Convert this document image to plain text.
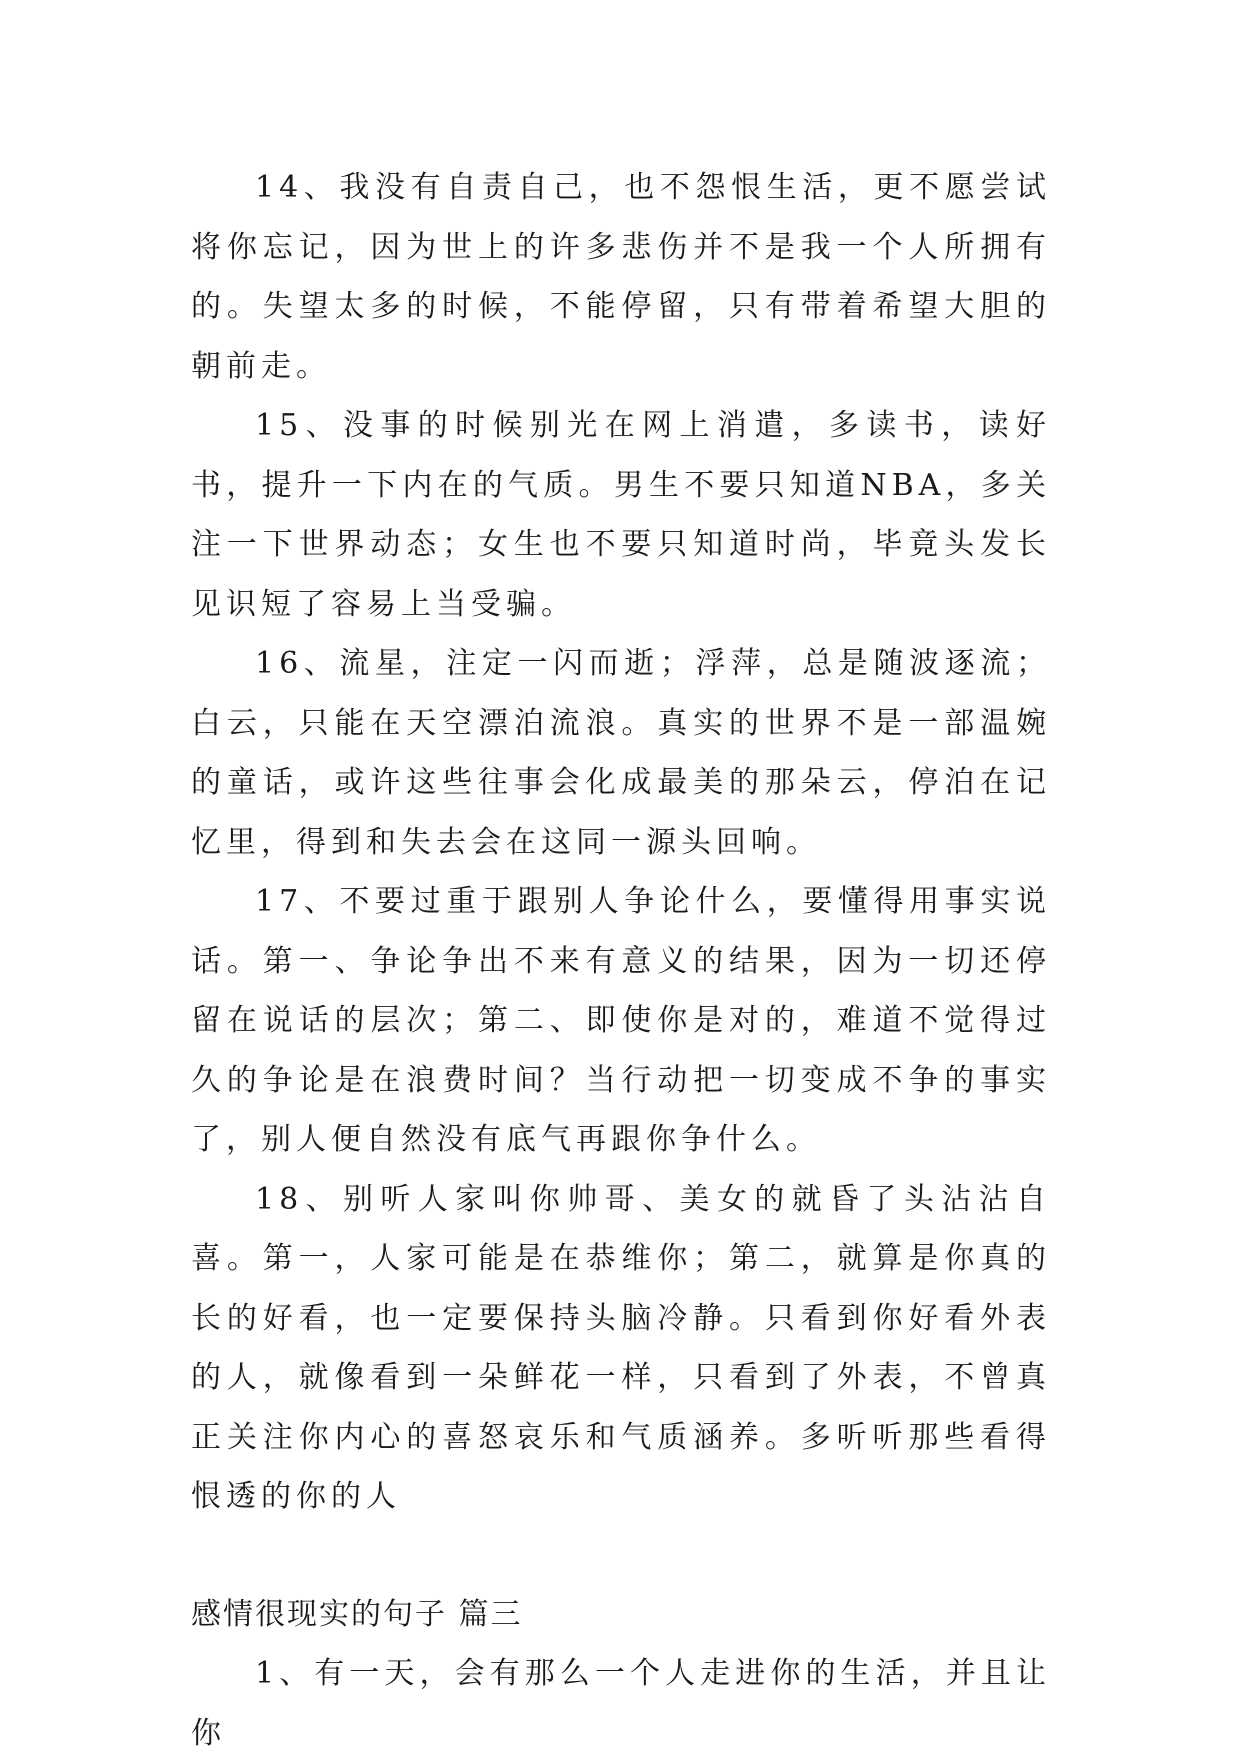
14、我没有自责自己，也不怨恨生活，更不愿尝试将你忘记，因为世上的许多悲伤并不是我一个人所拥有的。失望太多的时候，不能停留，只有带着希望大胆的朝前走。

15、没事的时候别光在网上消遣，多读书，读好书，提升一下内在的气质。男生不要只知道NBA，多关注一下世界动态；女生也不要只知道时尚，毕竟头发长见识短了容易上当受骗。

16、流星，注定一闪而逝；浮萍，总是随波逐流；白云，只能在天空漂泊流浪。真实的世界不是一部温婉的童话，或许这些往事会化成最美的那朵云，停泊在记忆里，得到和失去会在这同一源头回响。

17、不要过重于跟别人争论什么，要懂得用事实说话。第一、争论争出不来有意义的结果，因为一切还停留在说话的层次；第二、即使你是对的，难道不觉得过久的争论是在浪费时间？当行动把一切变成不争的事实了，别人便自然没有底气再跟你争什么。

18、别听人家叫你帅哥、美女的就昏了头沾沾自喜。第一，人家可能是在恭维你；第二，就算是你真的长的好看，也一定要保持头脑冷静。只看到你好看外表的人，就像看到一朵鲜花一样，只看到了外表，不曾真正关注你内心的喜怒哀乐和气质涵养。多听听那些看得恨透的你的人

感情很现实的句子 篇三

1、有一天，会有那么一个人走进你的生活，并且让你
